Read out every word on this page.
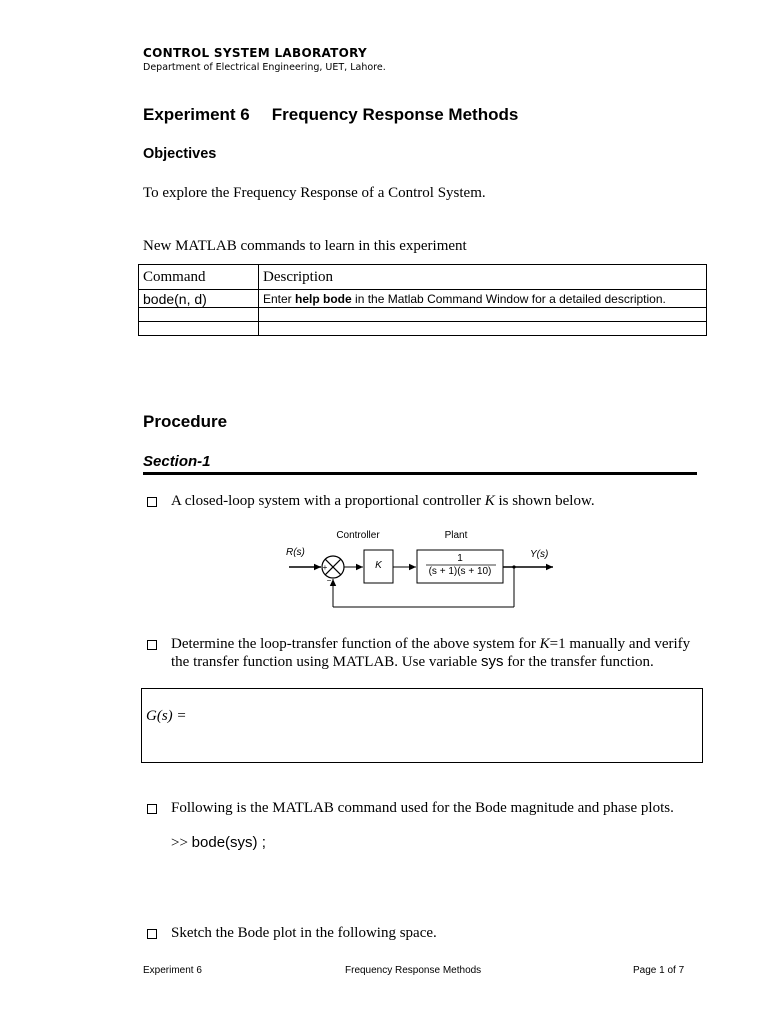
CONTROL SYSTEM LABORATORY
Department of Electrical Engineering, UET, Lahore.
Experiment 6 Frequency Response Methods
Objectives
To explore the Frequency Response of a Control System.
New MATLAB commands to learn in this experiment
Command	Description
bode(n, d)	Enter help bode in the Matlab Command Window for a detailed description.

Procedure
Section-1
A closed-loop system with a proportional controller K is shown below.
Controller	Plant
R(s)	Y(s)
+
−
K
1
(s + 1)(s + 10)
Determine the loop-transfer function of the above system for K=1 manually and verify
the transfer function using MATLAB. Use variable sys for the transfer function.
G(s) =
Following is the MATLAB command used for the Bode magnitude and phase plots.
>> bode(sys) ;
Sketch the Bode plot in the following space.
Experiment 6	Frequency Response Methods	Page 1 of 7
